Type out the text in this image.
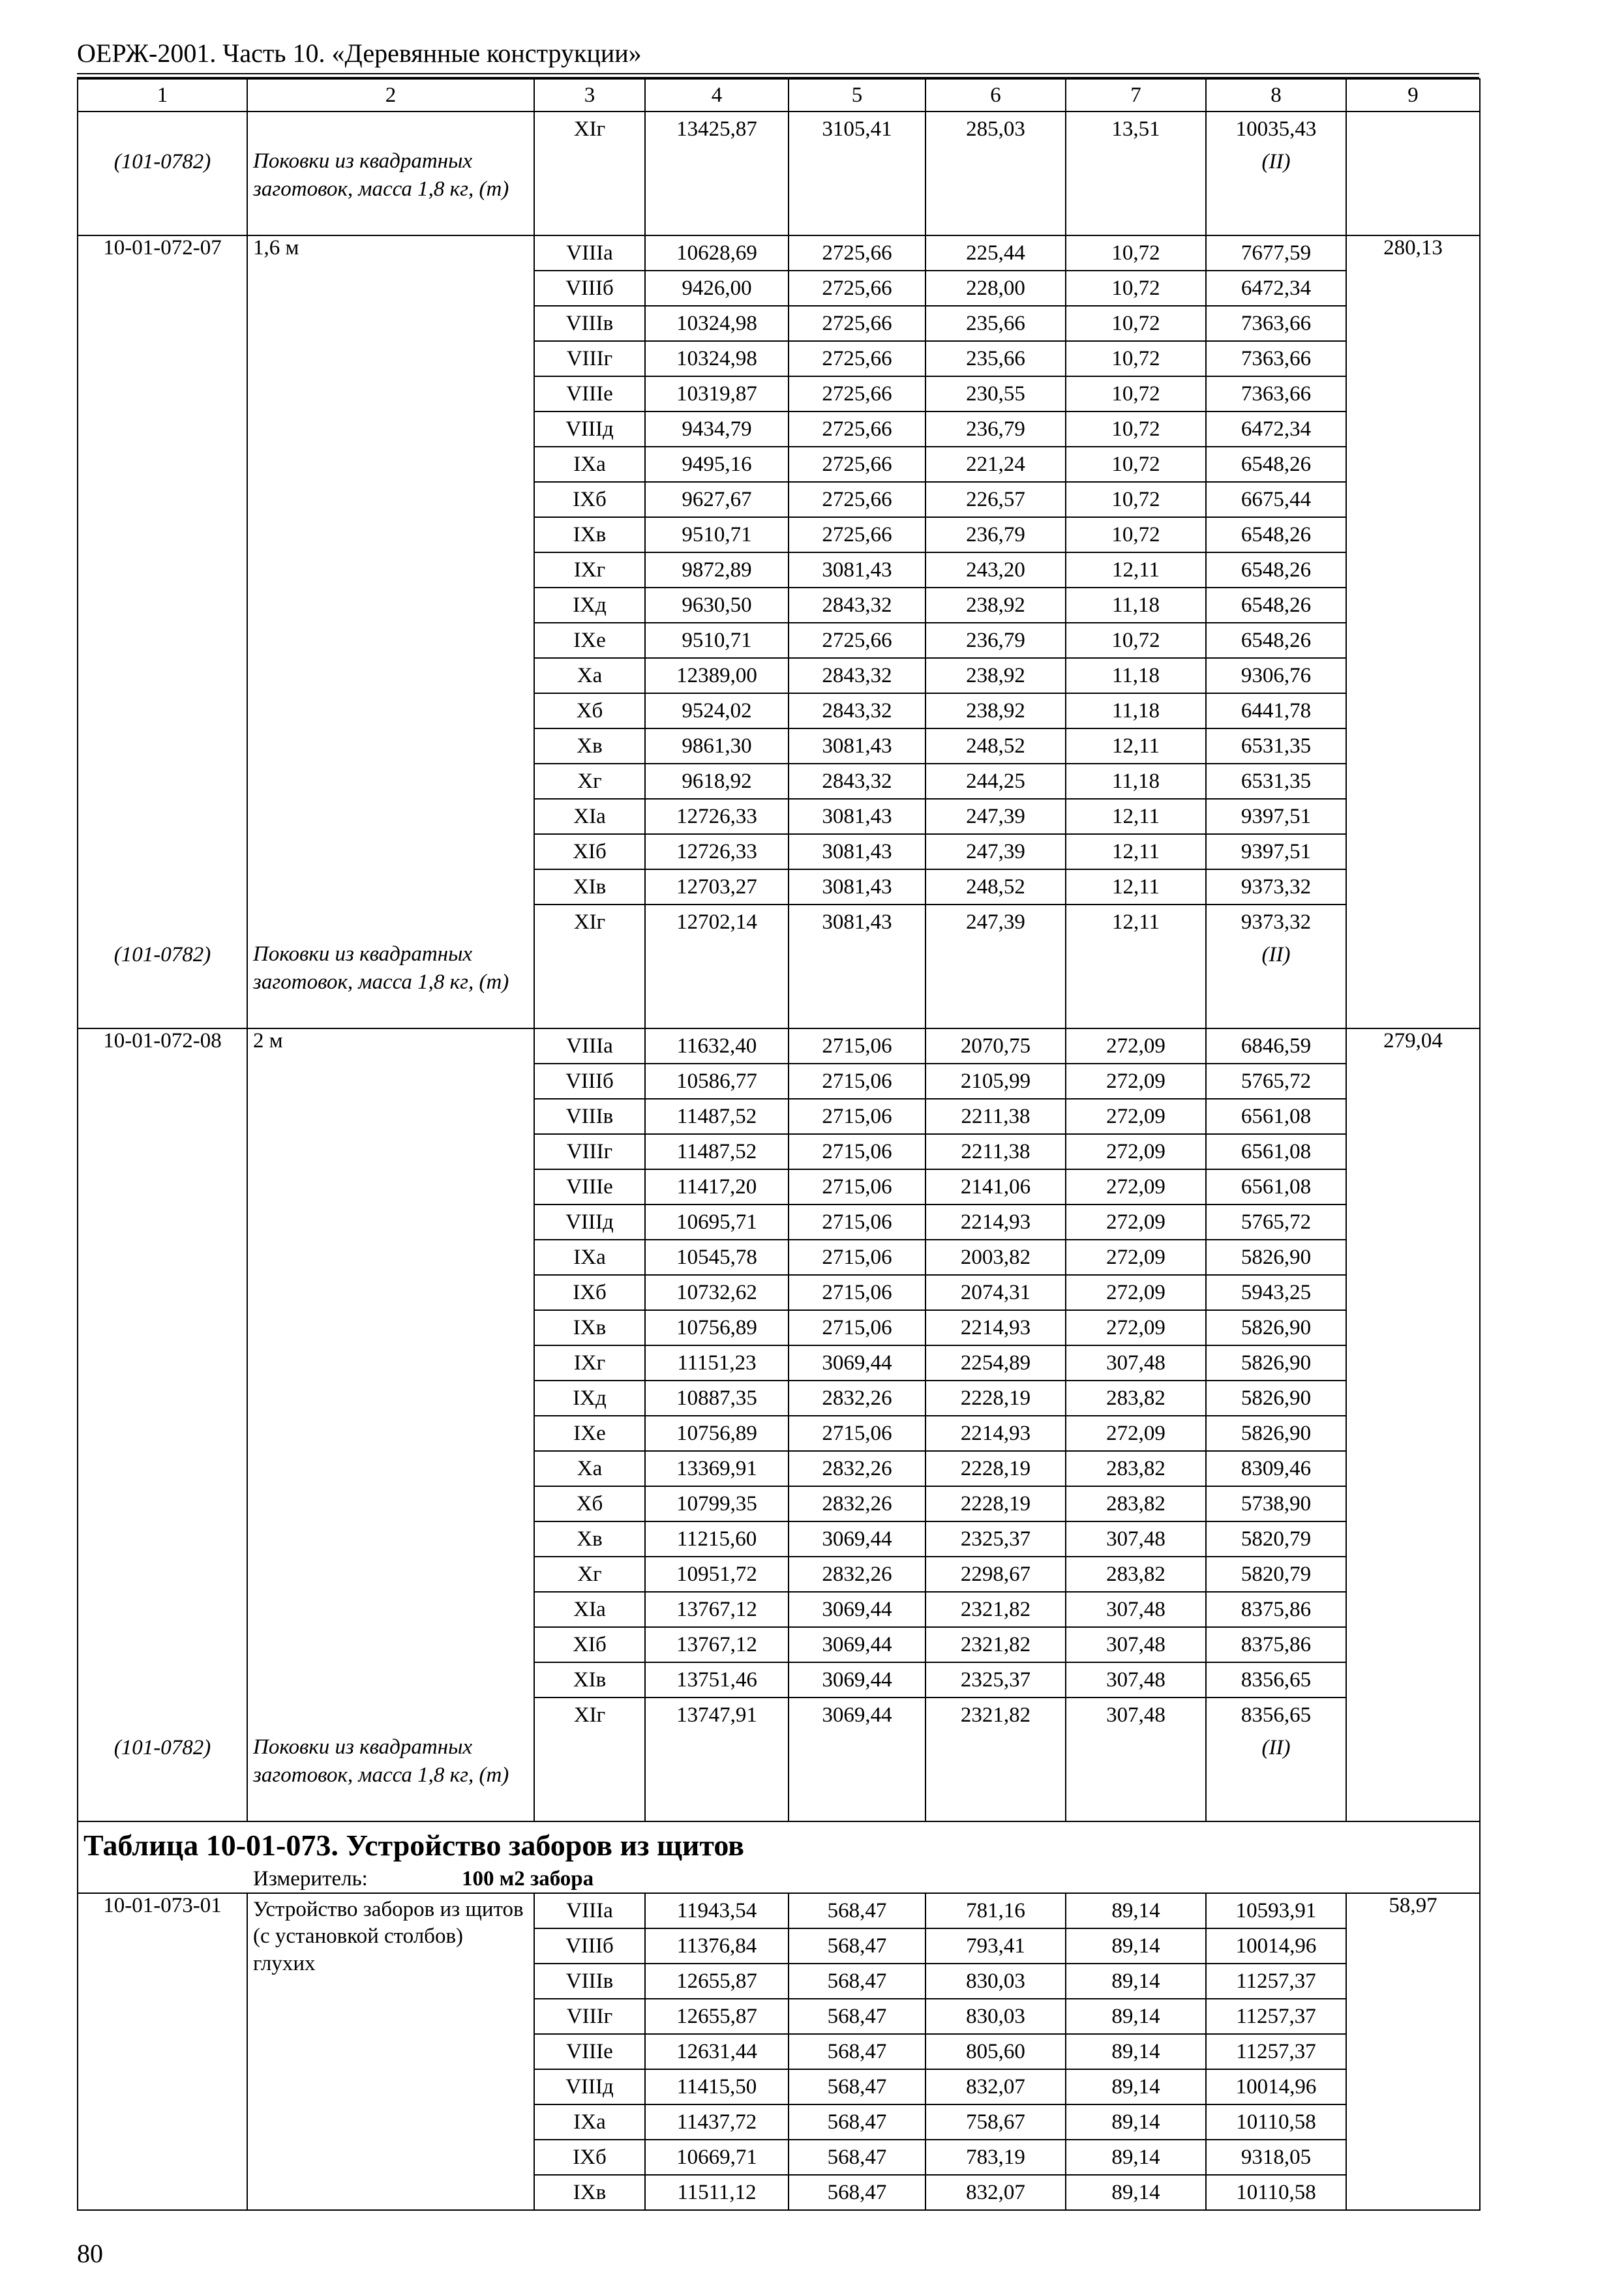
ОЕРЖ-2001. Часть 10. «Деревянные конструкции»
1	2	3	4	5	6	7	8	9
		XIг	13425,87	3105,41	285,03	13,51	10035,43	
(101-0782)	Поковки из квадратных заготовок, масса 1,8 кг, (т)						(II)	
10-01-072-07	1,6 м	VIIIа	10628,69	2725,66	225,44	10,72	7677,59	280,13
		VIIIб	9426,00	2725,66	228,00	10,72	6472,34	
		VIIIв	10324,98	2725,66	235,66	10,72	7363,66	
		VIIIг	10324,98	2725,66	235,66	10,72	7363,66	
		VIIIе	10319,87	2725,66	230,55	10,72	7363,66	
		VIIIд	9434,79	2725,66	236,79	10,72	6472,34	
		IXа	9495,16	2725,66	221,24	10,72	6548,26	
		IXб	9627,67	2725,66	226,57	10,72	6675,44	
		IXв	9510,71	2725,66	236,79	10,72	6548,26	
		IXг	9872,89	3081,43	243,20	12,11	6548,26	
		IXд	9630,50	2843,32	238,92	11,18	6548,26	
		IXе	9510,71	2725,66	236,79	10,72	6548,26	
		Xа	12389,00	2843,32	238,92	11,18	9306,76	
		Xб	9524,02	2843,32	238,92	11,18	6441,78	
		Xв	9861,30	3081,43	248,52	12,11	6531,35	
		Xг	9618,92	2843,32	244,25	11,18	6531,35	
		XIа	12726,33	3081,43	247,39	12,11	9397,51	
		XIб	12726,33	3081,43	247,39	12,11	9397,51	
		XIв	12703,27	3081,43	248,52	12,11	9373,32	
		XIг	12702,14	3081,43	247,39	12,11	9373,32	
(101-0782)	Поковки из квадратных заготовок, масса 1,8 кг, (т)						(II)	
10-01-072-08	2 м	VIIIа	11632,40	2715,06	2070,75	272,09	6846,59	279,04
		VIIIб	10586,77	2715,06	2105,99	272,09	5765,72	
		VIIIв	11487,52	2715,06	2211,38	272,09	6561,08	
		VIIIг	11487,52	2715,06	2211,38	272,09	6561,08	
		VIIIе	11417,20	2715,06	2141,06	272,09	6561,08	
		VIIIд	10695,71	2715,06	2214,93	272,09	5765,72	
		IXа	10545,78	2715,06	2003,82	272,09	5826,90	
		IXб	10732,62	2715,06	2074,31	272,09	5943,25	
		IXв	10756,89	2715,06	2214,93	272,09	5826,90	
		IXг	11151,23	3069,44	2254,89	307,48	5826,90	
		IXд	10887,35	2832,26	2228,19	283,82	5826,90	
		IXе	10756,89	2715,06	2214,93	272,09	5826,90	
		Xа	13369,91	2832,26	2228,19	283,82	8309,46	
		Xб	10799,35	2832,26	2228,19	283,82	5738,90	
		Xв	11215,60	3069,44	2325,37	307,48	5820,79	
		Xг	10951,72	2832,26	2298,67	283,82	5820,79	
		XIа	13767,12	3069,44	2321,82	307,48	8375,86	
		XIб	13767,12	3069,44	2321,82	307,48	8375,86	
		XIв	13751,46	3069,44	2325,37	307,48	8356,65	
		XIг	13747,91	3069,44	2321,82	307,48	8356,65	
(101-0782)	Поковки из квадратных заготовок, масса 1,8 кг, (т)						(II)	
Таблица 10-01-073. Устройство заборов из щитов								
Измеритель: 100 м2 забора								
10-01-073-01	Устройство заборов из щитов (с установкой столбов) глухих	VIIIа	11943,54	568,47	781,16	89,14	10593,91	58,97
		VIIIб	11376,84	568,47	793,41	89,14	10014,96	
		VIIIв	12655,87	568,47	830,03	89,14	11257,37	
		VIIIг	12655,87	568,47	830,03	89,14	11257,37	
		VIIIе	12631,44	568,47	805,60	89,14	11257,37	
		VIIIд	11415,50	568,47	832,07	89,14	10014,96	
		IXа	11437,72	568,47	758,67	89,14	10110,58	
		IXб	10669,71	568,47	783,19	89,14	9318,05	
		IXв	11511,12	568,47	832,07	89,14	10110,58	
80
